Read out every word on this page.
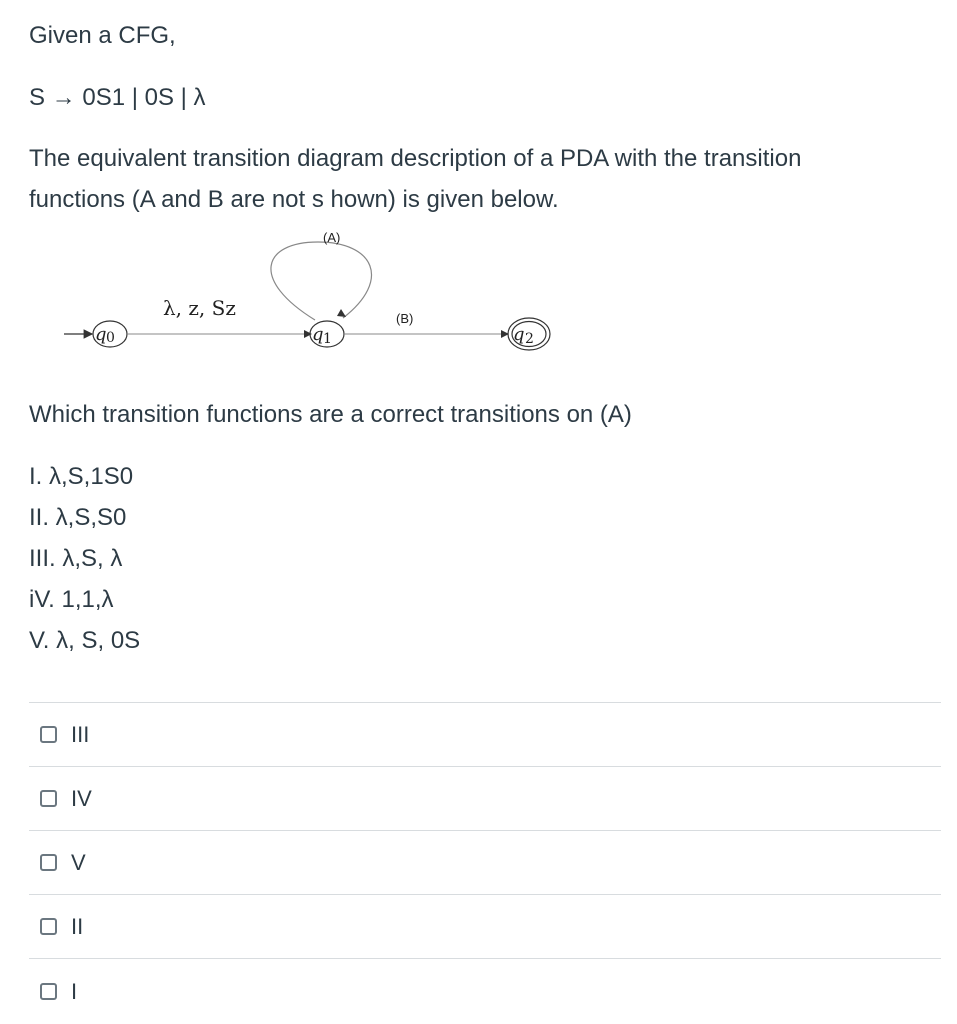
Given a CFG,
S → 0S1 | 0S | λ
The equivalent transition diagram description of a PDA with the transition
functions (A and B are not s hown) is given below.
q 0
λ, z, Sz
q 1
(A)
(B)
q 2
Which transition functions are a correct transitions on (A)
I. λ,S,1S0
II. λ,S,S0
III. λ,S, λ
iV. 1,1,λ
V. λ, S, 0S
III
IV
V
II
I
